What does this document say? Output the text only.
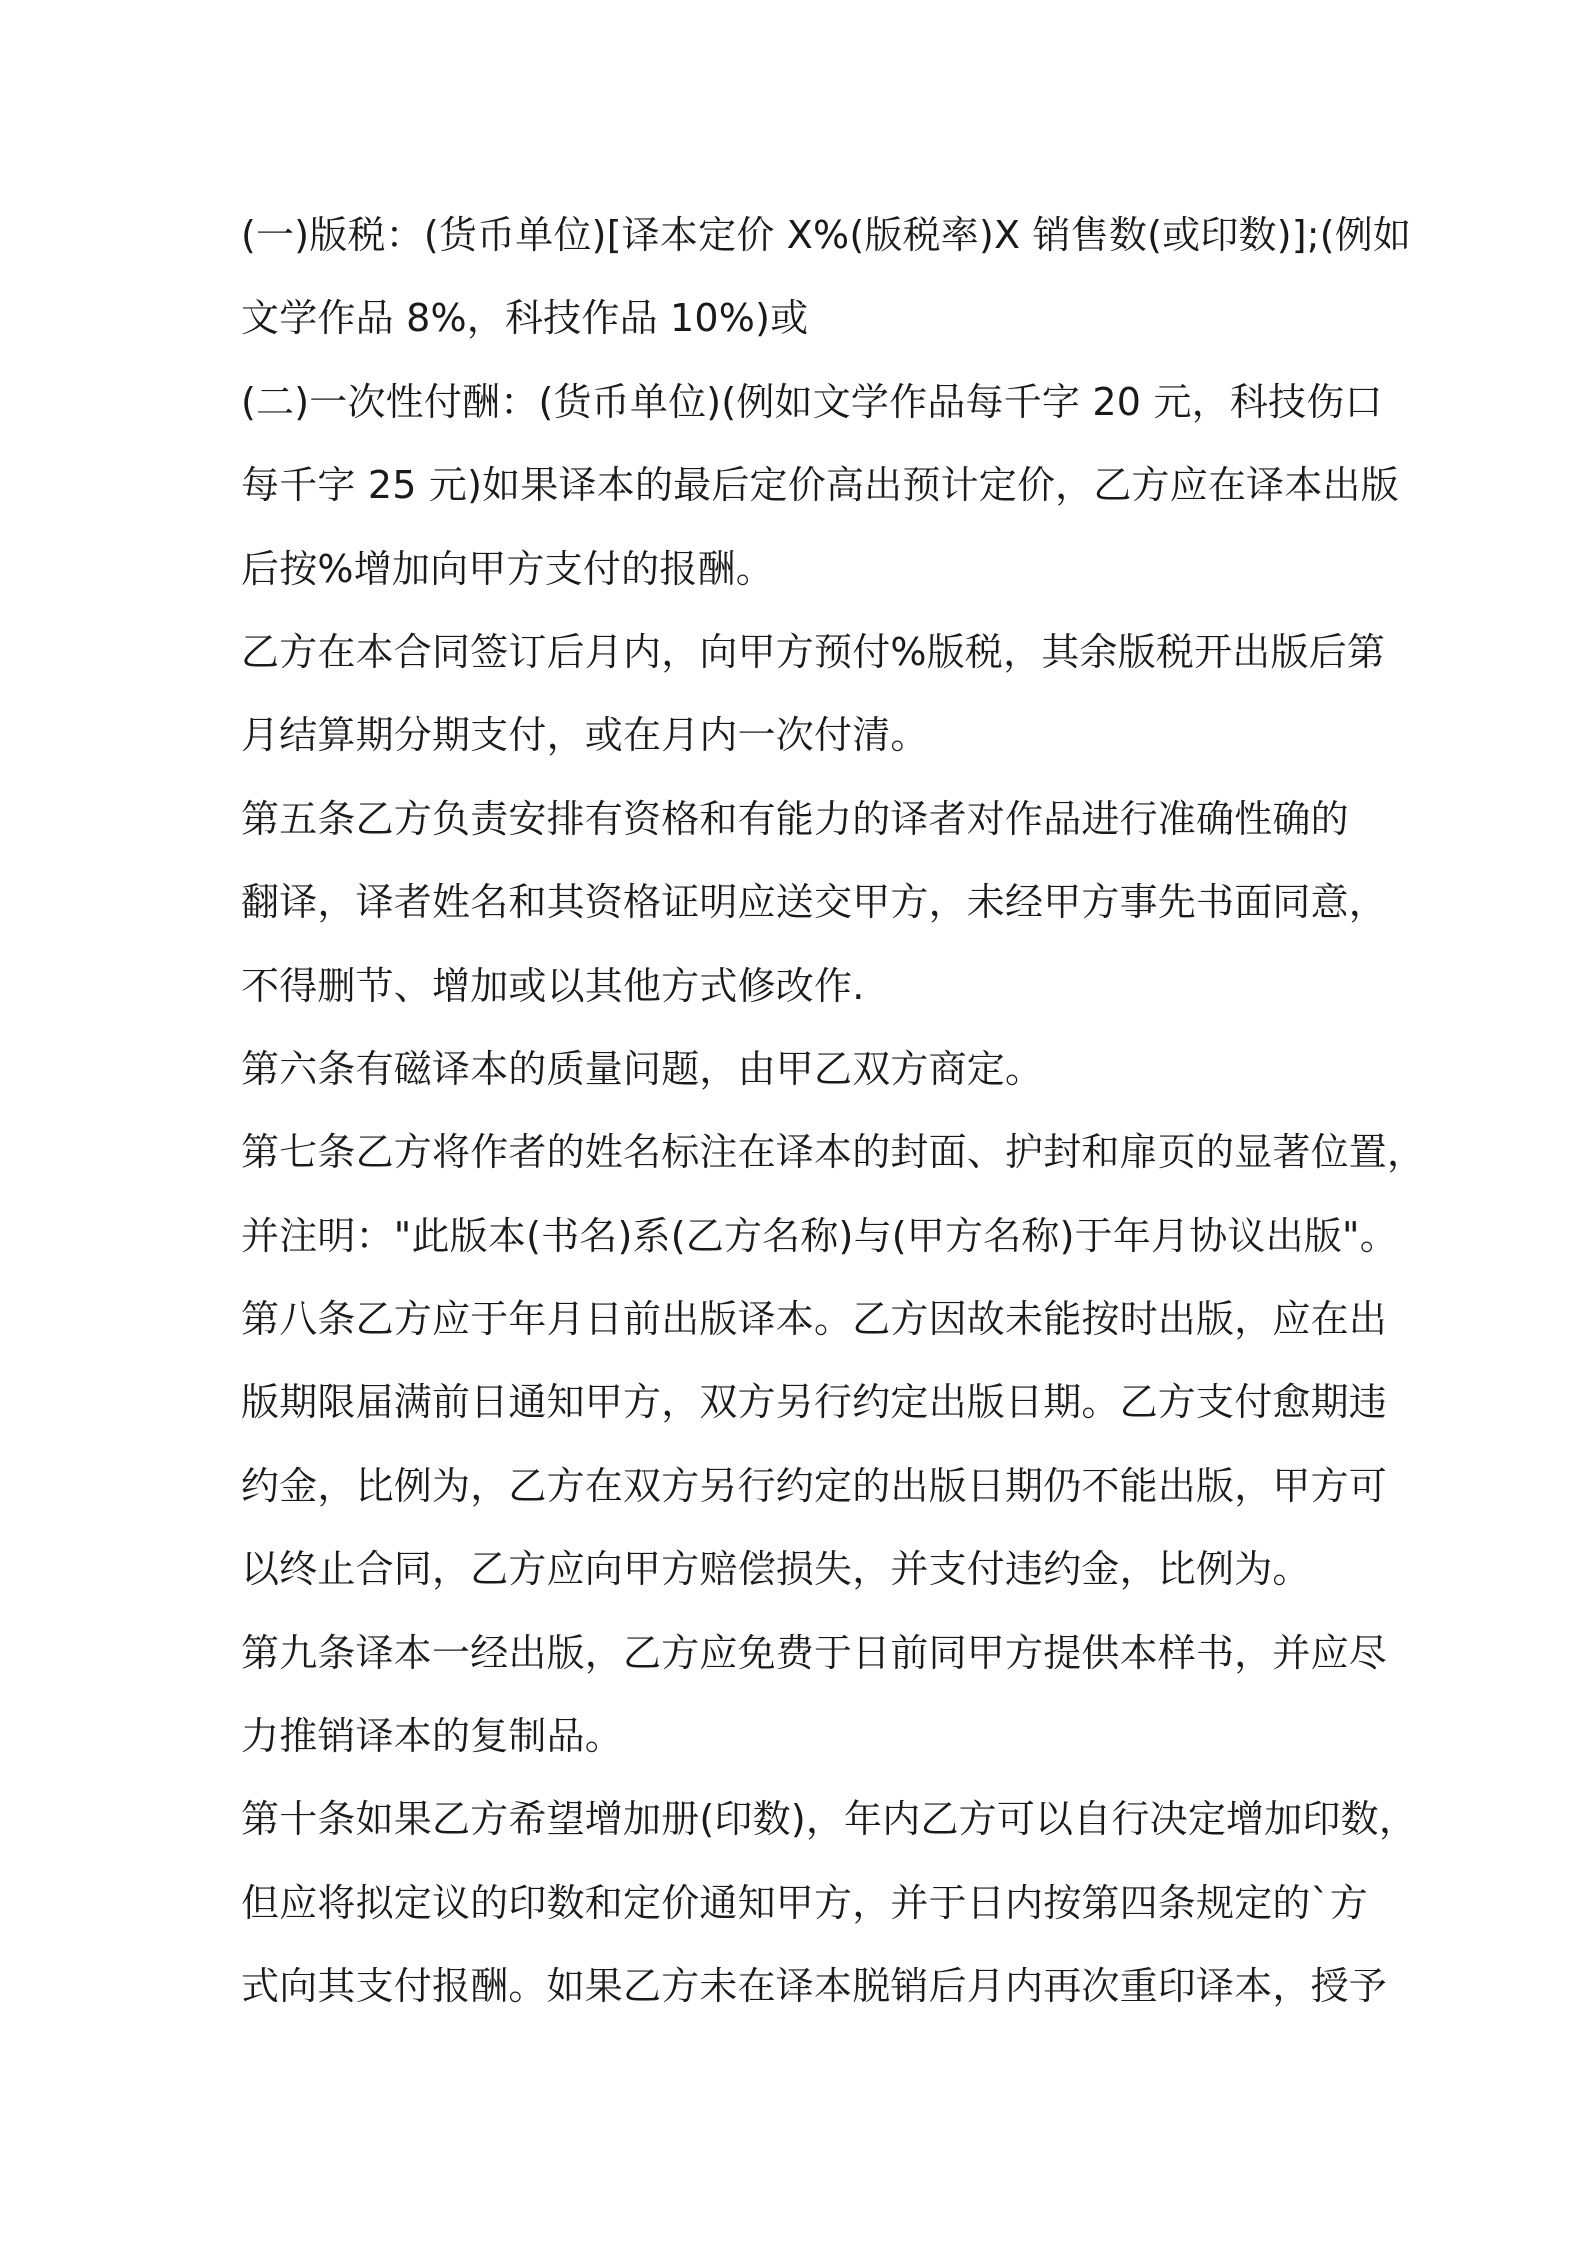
(一)版税：(货币单位)[译本定价 X%(版税率)X 销售数(或印数)];(例如
文学作品 8%，科技作品 10%)或
(二)一次性付酬：(货币单位)(例如文学作品每千字 20 元，科技伤口
每千字 25 元)如果译本的最后定价高出预计定价，乙方应在译本出版
后按%增加向甲方支付的报酬。
乙方在本合同签订后月内，向甲方预付%版税，其余版税开出版后第
月结算期分期支付，或在月内一次付清。
第五条乙方负责安排有资格和有能力的译者对作品进行准确性确的
翻译，译者姓名和其资格证明应送交甲方，未经甲方事先书面同意，
不得删节、增加或以其他方式修改作.
第六条有磁译本的质量问题，由甲乙双方商定。
第七条乙方将作者的姓名标注在译本的封面、护封和扉页的显著位置，
并注明："此版本(书名)系(乙方名称)与(甲方名称)于年月协议出版"。
第八条乙方应于年月日前出版译本。乙方因故未能按时出版，应在出
版期限届满前日通知甲方，双方另行约定出版日期。乙方支付愈期违
约金，比例为，乙方在双方另行约定的出版日期仍不能出版，甲方可
以终止合同，乙方应向甲方赔偿损失，并支付违约金，比例为。
第九条译本一经出版，乙方应免费于日前同甲方提供本样书，并应尽
力推销译本的复制品。
第十条如果乙方希望增加册(印数)，年内乙方可以自行决定增加印数，
但应将拟定议的印数和定价通知甲方，并于日内按第四条规定的`方
式向其支付报酬。如果乙方未在译本脱销后月内再次重印译本，授予
